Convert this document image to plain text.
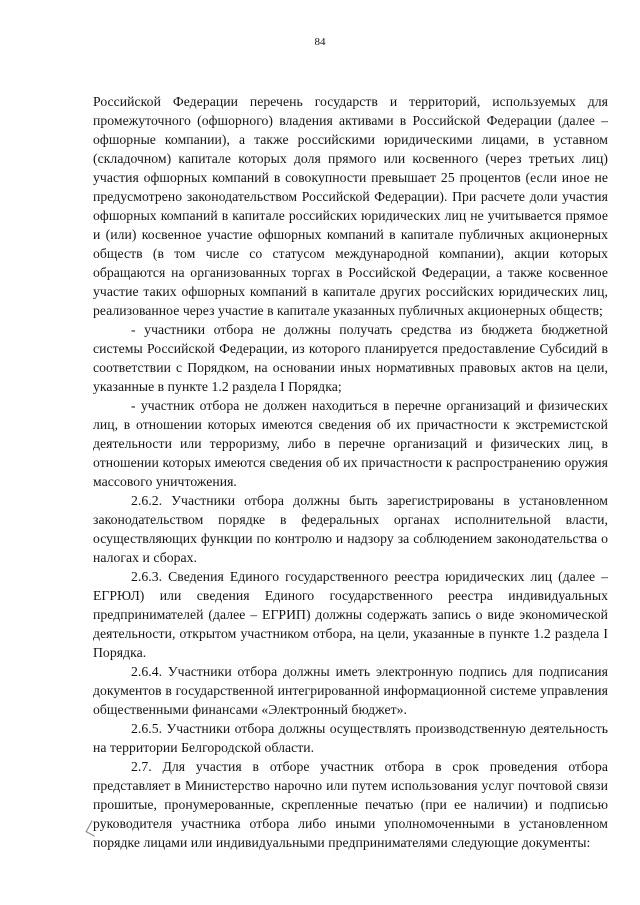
84

Российской Федерации перечень государств и территорий, используемых для промежуточного (офшорного) владения активами в Российской Федерации (далее – офшорные компании), а также российскими юридическими лицами, в уставном (складочном) капитале которых доля прямого или косвенного (через третьих лиц) участия офшорных компаний в совокупности превышает 25 процентов (если иное не предусмотрено законодательством Российской Федерации). При расчете доли участия офшорных компаний в капитале российских юридических лиц не учитывается прямое и (или) косвенное участие офшорных компаний в капитале публичных акционерных обществ (в том числе со статусом международной компании), акции которых обращаются на организованных торгах в Российской Федерации, а также косвенное участие таких офшорных компаний в капитале других российских юридических лиц, реализованное через участие в капитале указанных публичных акционерных обществ;

- участники отбора не должны получать средства из бюджета бюджетной системы Российской Федерации, из которого планируется предоставление Субсидий в соответствии с Порядком, на основании иных нормативных правовых актов на цели, указанные в пункте 1.2 раздела I Порядка;

- участник отбора не должен находиться в перечне организаций и физических лиц, в отношении которых имеются сведения об их причастности к экстремистской деятельности или терроризму, либо в перечне организаций и физических лиц, в отношении которых имеются сведения об их причастности к распространению оружия массового уничтожения.

2.6.2. Участники отбора должны быть зарегистрированы в установленном законодательством порядке в федеральных органах исполнительной власти, осуществляющих функции по контролю и надзору за соблюдением законодательства о налогах и сборах.

2.6.3. Сведения Единого государственного реестра юридических лиц (далее – ЕГРЮЛ) или сведения Единого государственного реестра индивидуальных предпринимателей (далее – ЕГРИП) должны содержать запись о виде экономической деятельности, открытом участником отбора, на цели, указанные в пункте 1.2 раздела I Порядка.

2.6.4. Участники отбора должны иметь электронную подпись для подписания документов в государственной интегрированной информационной системе управления общественными финансами «Электронный бюджет».

2.6.5. Участники отбора должны осуществлять производственную деятельность на территории Белгородской области.

2.7. Для участия в отборе участник отбора в срок проведения отбора представляет в Министерство нарочно или путем использования услуг почтовой связи прошитые, пронумерованные, скрепленные печатью (при ее наличии) и подписью руководителя участника отбора либо иными уполномоченными в установленном порядке лицами или индивидуальными предпринимателями следующие документы:
